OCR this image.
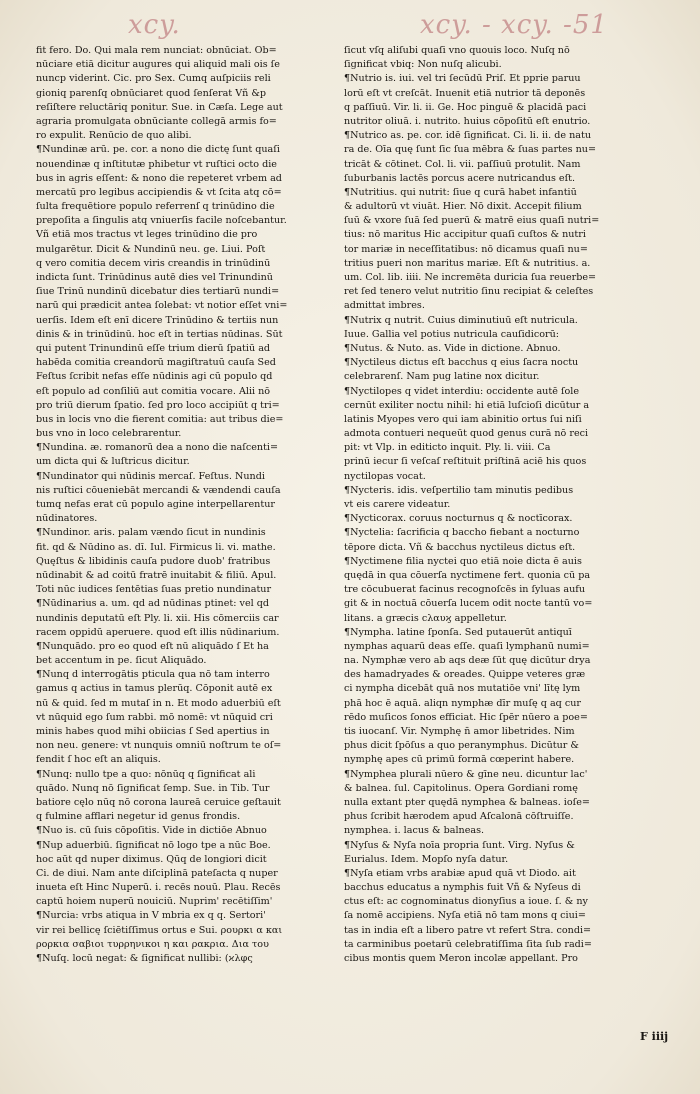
xcy.	xcy. - xcy. -51
fit fero. Do. Qui mala rem nunciat: obnūciat. Ob=
nūciare etiā dicitur augures qui aliquid mali ois ſe
nuncp viderint. Cic. pro Sex. Cumq auſpiciis reli
gioniq parenſq obnūciaret quod ſenſerat Vñ &p
reſiſtere reluctāriq ponitur. Sue. in Cæſa. Lege aut
agraria promulgata obnūciante collegā armis fo=
ro expulit. Renūcio de quo alibi.
¶Nundinæ arū. pe. cor. a nono die dictę ſunt quaſi
nouendinæ q inſtitutæ phibetur vt ruſtici octo die
bus in agris eſſent: & nono die repeteret vrbem ad
mercatū pro legibus accipiendis & vt ſcita atq cō=
ſulta frequētiore populo referrenſ q trinūdino die
prepoſita a ſingulis atq vniuerſis facile noſcebantur.
Vñ etiā mos tractus vt leges trinūdino die pro
mulgarētur. Dicit & Nundinū neu. ge. Liui. Poſt
q vero comitia decem viris creandis in trinūdinū
indicta ſunt. Trinūdinus autē dies vel Trinundinū
ſiue Trinū nundinū dicebatur dies tertiarū nundi=
narū qui prædicit antea ſolebat: vt notior eſſet vni=
uerſis. Idem eſt enī dicere Trinūdino & tertiis nun
dinis & in trinūdinū. hoc eſt in tertias nūdinas. Sūt
qui putent Trinundinū eſſe trium dierū ſpatiū ad
habēda comitia creandorū magiſtratuū cauſa Sed
Feſtus ſcribit nefas eſſe nūdinis agi cū populo qd
eſt populo ad conſiliū aut comitia vocare. Alii nō
pro triū dierum ſpatio. ſed pro loco accipiūt q tri=
bus in locis vno die fierent comitia: aut tribus die=
bus vno in loco celebrarentur.
¶Nundina. æ. romanorū dea a nono die naſcenti=
um dicta qui & luſtricus dicitur.
¶Nundinator qui nūdinis mercaſ. Feſtus. Nundi
nis ruſtici cōueniebāt mercandi & vændendi cauſa
tumq nefas erat cū populo agine interpellarentur
nūdinatores.
¶Nundinor. aris. palam vændo ſicut in nundinis
fit. qd & Nūdino as. dī. Iul. Firmicus li. vi. mathe.
Quęſtus & libidinis cauſa pudore duob' fratribus
nūdinabit & ad coitū fratrē inuitabit & filiū. Apul.
Toti nūc iudices ſentētias ſuas pretio nundinatur
¶Nūdinarius a. um. qd ad nūdinas ptinet: vel qd
nundinis deputatū eſt Ply. li. xii. His cōmerciis car
racem oppidū aperuere. quod eſt illis nūdinarium.
¶Nunquādo. pro eo quod eſt nū aliquādo ſ Et ha
bet accentum in pe. ſicut Aliquādo.
¶Nunq d interrogātis pticula qua nō tam interro
gamus q actius in tamus plerūq. Cōponit autē ex
nū & quid. ſed m mutaſ in n. Et modo aduerbiū eſt
vt nūquid ego ſum rabbi. mō nomē: vt nūquid cri
minis habes quod mihi obiicias ſ Sed apertius in
non neu. genere: vt nunquis omniū noſtrum te oſ=
fendit ſ hoc eſt an aliquis.
¶Nunq: nullo tpe a quo: nōnūq q ſignificat ali
quādo. Nunq nō ſignificat ſemp. Sue. in Tib. Tur
batiore cęlo nūq nō corona laureā ceruice geſtauit
q fulmine afflari negetur id genus frondis.
¶Nuo is. cū ſuis cōpoſitis. Vide in dictiōe Abnuo
¶Nup aduerbiū. ſignificat nō logo tpe a nūc Boe.
hoc aūt qd nuper diximus. Qūq de longiori dicit
Ci. de diui. Nam ante diſciplinā pateſacta q nuper
inueta eſt Hinc Nuperū. i. recēs nouū. Plau. Recēs
captū hoiem nuperū nouiciū. Nuprim' recētiſſim'
¶Nurcia: vrbs atiqua in V mbria ex q q. Sertori'
vir rei bellicę ſciētiſſimus ortus e Sui. ρουρκι α και
ρορκια σαβιοι τυρρηνικοι η και ρακρια. Δια του
¶Nuſq. locū negat: & ſignificat nullibi: (ϰλφς
ſicut vſq aliſubi quaſi vno quouis loco. Nuſq nō
ſignificat vbiq: Non nuſq alicubi.
¶Nutrio is. iui. vel tri ſecūdū Priſ. Et pprie paruu
lorū eſt vt creſcāt. Inuenit etiā nutrior tā deponēs
q paſſiuū. Vir. li. ii. Ge. Hoc pinguē & placidā paci
nutritor oliuā. i. nutrito. huius cōpoſitū eſt enutrio.
¶Nutrico as. pe. cor. idē ſignificat. Ci. li. ii. de natu
ra de. Oīa quę ſunt ſic ſua mēbra & ſuas partes nu=
tricāt & cōtinet. Col. li. vii. paſſiuū protulit. Nam
ſuburbanis lactēs porcus acere nutricandus eſt.
¶Nutritius. qui nutrit: ſiue q curā habet infantiū
& adultorū vt viuāt. Hier. Nō dixit. Accepit filium
ſuū & vxore ſuā ſed puerū & matrē eius quaſi nutri=
tius: nō maritus Hic accipitur quaſi cuſtos & nutri
tor mariæ in neceſſitatibus: nō dicamus quaſi nu=
tritius pueri non maritus mariæ. Eſt & nutritius. a.
um. Col. lib. iiii. Ne incremēta duricia ſua reuerbe=
ret ſed tenero velut nutritio ſinu recipiat & celeſtes
admittat imbres.
¶Nutrix q nutrit. Cuius diminutiuū eſt nutricula.
Iuue. Gallia vel potius nutricula cauſidicorū:
¶Nutus. & Nuto. as. Vide in dictione. Abnuo.
¶Nyctileus dictus eſt bacchus q eius ſacra noctu
celebrarenſ. Nam pug latine nox dicitur.
¶Nyctilopes q videt interdiu: occidente autē ſole
cernūt exiliter noctu nihil: hi etiā luſcioſi dicūtur a
latinis Myopes vero qui iam abinitio ortus ſui niſi
admota contueri nequeūt quod genus curā nō reci
pit: vt Vlp. in editicto inquit. Ply. li. viii. Ca
prinū iecur ſi veſcaſ reſtituit priſtinā aciē his quos
nyctilopas vocat.
¶Nycteris. idis. veſpertilio tam minutis pedibus
vt eis carere videatur.
¶Nycticorax. coruus nocturnus q & noctīcorax.
¶Nyctelia: ſacrificia q baccho fiebant a nocturno
tēpore dicta. Vñ & bacchus nyctileus dictus eſt.
¶Nyctimene filia nyctei quo etiā noie dicta ē auis
quędā in qua cōuerſa nyctimene fert. quonia cū pa
tre cōcubuerat facinus recognoſcēs in ſyluas aufu
git & in noctuā cōuerſa lucem odit nocte tantū vo=
litans. a græcis ϲλαυϗ appelletur.
¶Nympha. latine ſponſa. Sed putauerūt antiquī
nymphas aquarū deas eſſe. quaſi lymphanū numi=
na. Nymphæ vero ab aqs deæ ſūt quę dicūtur drya
des hamadryades & oreades. Quippe veteres græ
ci nympha dicebāt quā nos mutatiōe vni' lītę lym
phā hoc ē aquā. aliqn nymphæ dīr muſę q aq cur
rēdo muſicos ſonos efficiat. Hic ſpēr nūero a poe=
tis iuocanſ. Vir. Nymphę n̄ amor libetrides. Nim
phus dicit ſpōſus a quo peranymphus. Dicūtur &
nymphę apes cū primū formā cœperint habere.
¶Nymphea plurali nūero & gīne neu. dicuntur lac'
& balnea. ſul. Capitolinus. Opera Gordiani romę
nulla extant pter quędā nymphea & balneas. ioſe=
phus ſcribit hærodem apud Aſcalonā cōſtruiſſe.
nymphea. i. lacus & balneas.
¶Nyſus & Nyſa noīa propria ſunt. Virg. Nyſus &
Eurialus. Idem. Mopſo nyſa datur.
¶Nyſa etiam vrbs arabiæ apud quā vt Diodo. ait
bacchus educatus a nymphis fuit Vñ & Nyſeus di
ctus eſt: ac cognominatus dionyſius a ioue. ſ. & ny
ſa nomē accipiens. Nyſa etiā nō tam mons q ciui=
tas in india eſt a libero patre vt refert Stra. condi=
ta carminibus poetarū celebratiſſima ſita ſub radi=
cibus montis quem Meron incolæ appellant. Pro
F iiij
